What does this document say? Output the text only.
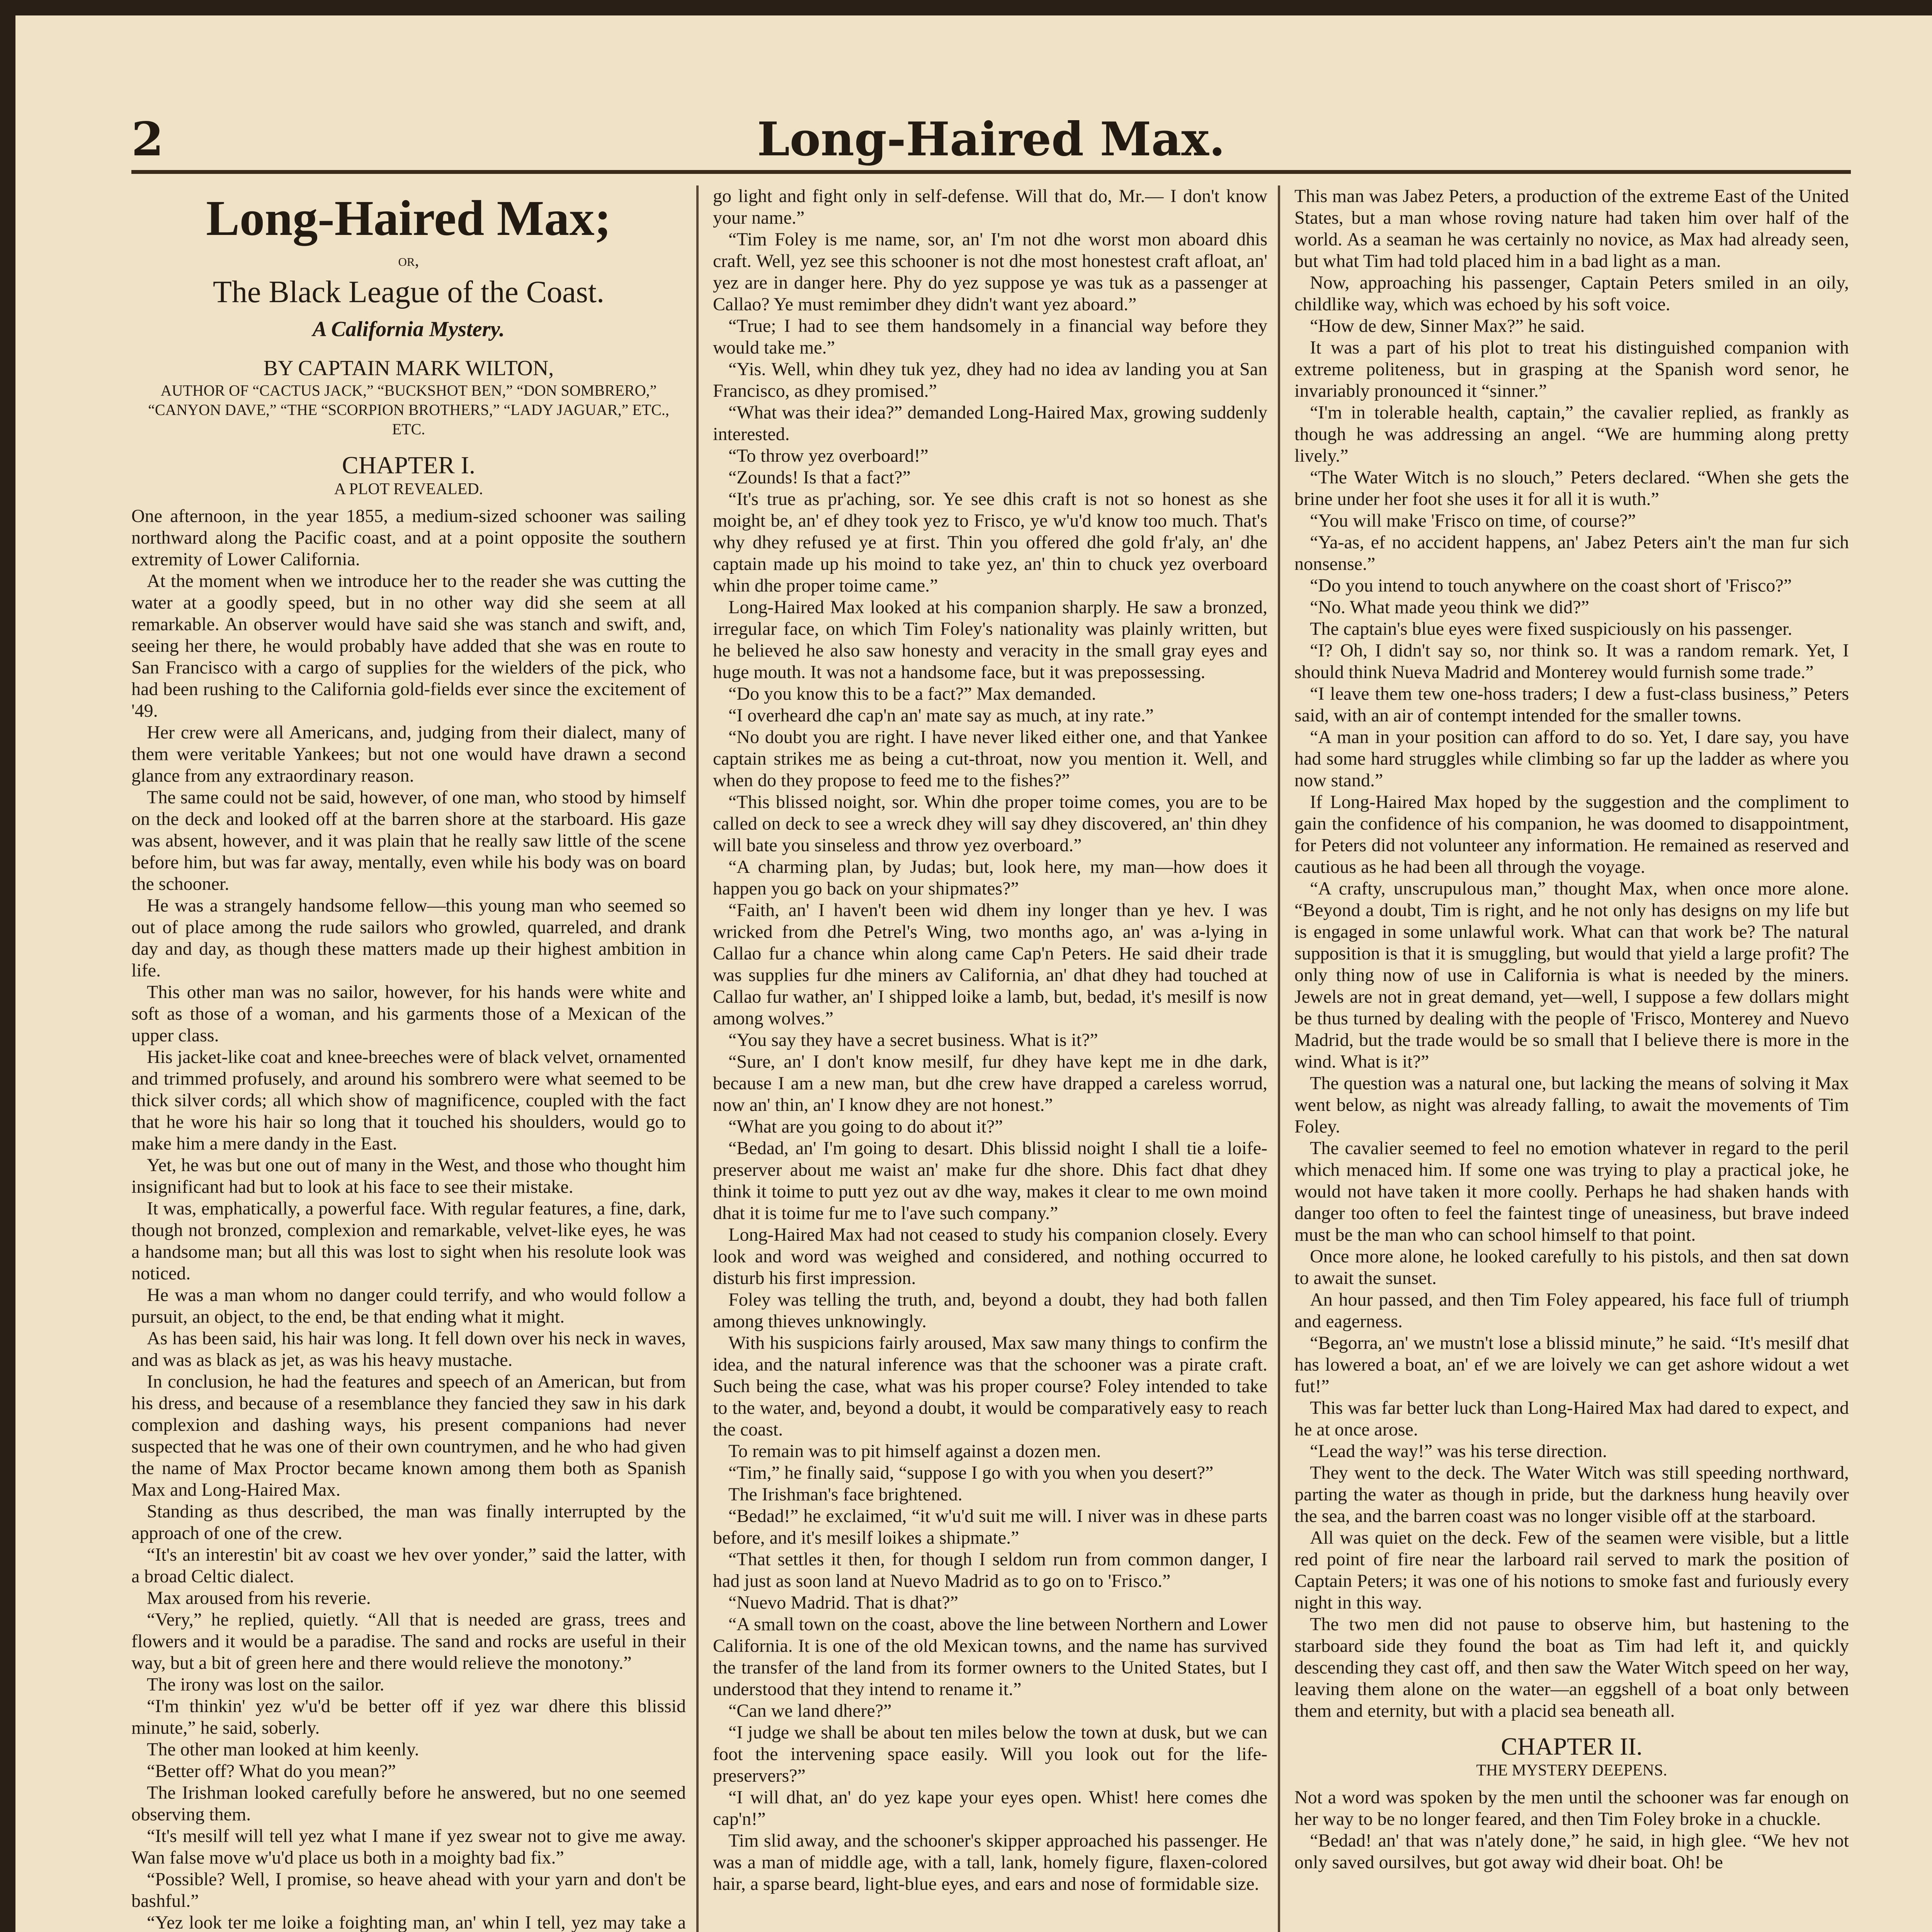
2	Long-Haired Max.
Long-Haired Max;
or,
The Black League of the Coast.
A California Mystery.
BY CAPTAIN MARK WILTON,
AUTHOR OF “CACTUS JACK,” “BUCKSHOT BEN,” “DON SOMBRERO,” “CANYON DAVE,” “THE “SCORPION BROTHERS,” “LADY JAGUAR,” ETC., ETC.
CHAPTER I.
A PLOT REVEALED.

One afternoon, in the year 1855, a medium-sized schooner was sailing northward along the Pacific coast, and at a point opposite the southern extremity of Lower California.

At the moment when we introduce her to the reader she was cutting the water at a goodly speed, but in no other way did she seem at all remarkable. An observer would have said she was stanch and swift, and, seeing her there, he would probably have added that she was en route to San Francisco with a cargo of supplies for the wielders of the pick, who had been rushing to the California gold-fields ever since the excitement of '49.

Her crew were all Americans, and, judging from their dialect, many of them were veritable Yankees; but not one would have drawn a second glance from any extraordinary reason.

The same could not be said, however, of one man, who stood by himself on the deck and looked off at the barren shore at the starboard. His gaze was absent, however, and it was plain that he really saw little of the scene before him, but was far away, mentally, even while his body was on board the schooner.

He was a strangely handsome fellow—this young man who seemed so out of place among the rude sailors who growled, quarreled, and drank day and day, as though these matters made up their highest ambition in life.

This other man was no sailor, however, for his hands were white and soft as those of a woman, and his garments those of a Mexican of the upper class.

His jacket-like coat and knee-breeches were of black velvet, ornamented and trimmed profusely, and around his sombrero were what seemed to be thick silver cords; all which show of magnificence, coupled with the fact that he wore his hair so long that it touched his shoulders, would go to make him a mere dandy in the East.

Yet, he was but one out of many in the West, and those who thought him insignificant had but to look at his face to see their mistake.

It was, emphatically, a powerful face. With regular features, a fine, dark, though not bronzed, complexion and remarkable, velvet-like eyes, he was a handsome man; but all this was lost to sight when his resolute look was noticed.

He was a man whom no danger could terrify, and who would follow a pursuit, an object, to the end, be that ending what it might.

As has been said, his hair was long. It fell down over his neck in waves, and was as black as jet, as was his heavy mustache.

In conclusion, he had the features and speech of an American, but from his dress, and because of a resemblance they fancied they saw in his dark complexion and dashing ways, his present companions had never suspected that he was one of their own countrymen, and he who had given the name of Max Proctor became known among them both as Spanish Max and Long-Haired Max.

Standing as thus described, the man was finally interrupted by the approach of one of the crew.

“It's an interestin' bit av coast we hev over yonder,” said the latter, with a broad Celtic dialect.

Max aroused from his reverie.

“Very,” he replied, quietly. “All that is needed are grass, trees and flowers and it would be a paradise. The sand and rocks are useful in their way, but a bit of green here and there would relieve the monotony.”

The irony was lost on the sailor.

“I'm thinkin' yez w'u'd be better off if yez war dhere this blissid minute,” he said, soberly.

The other man looked at him keenly.

“Better off? What do you mean?”

The Irishman looked carefully before he answered, but no one seemed observing them.

“It's mesilf will tell yez what I mane if yez swear not to give me away. Wan false move w'u'd place us both in a moighty bad fix.”

“Possible? Well, I promise, so heave ahead with your yarn and don't be bashful.”

“Yez look ter me loike a foighting man, an' whin I tell, yez may take a

go light and fight only in self-defense. Will that do, Mr.— I don't know your name.”

“Tim Foley is me name, sor, an' I'm not dhe worst mon aboard dhis craft. Well, yez see this schooner is not dhe most honestest craft afloat, an' yez are in danger here. Phy do yez suppose ye was tuk as a passenger at Callao? Ye must remimber dhey didn't want yez aboard.”

“True; I had to see them handsomely in a financial way before they would take me.”

“Yis. Well, whin dhey tuk yez, dhey had no idea av landing you at San Francisco, as dhey promised.”

“What was their idea?” demanded Long-Haired Max, growing suddenly interested.

“To throw yez overboard!”

“Zounds! Is that a fact?”

“It's true as pr'aching, sor. Ye see dhis craft is not so honest as she moight be, an' ef dhey took yez to Frisco, ye w'u'd know too much. That's why dhey refused ye at first. Thin you offered dhe gold fr'aly, an' dhe captain made up his moind to take yez, an' thin to chuck yez overboard whin dhe proper toime came.”

Long-Haired Max looked at his companion sharply. He saw a bronzed, irregular face, on which Tim Foley's nationality was plainly written, but he believed he also saw honesty and veracity in the small gray eyes and huge mouth. It was not a handsome face, but it was prepossessing.

“Do you know this to be a fact?” Max demanded.

“I overheard dhe cap'n an' mate say as much, at iny rate.”

“No doubt you are right. I have never liked either one, and that Yankee captain strikes me as being a cut-throat, now you mention it. Well, and when do they propose to feed me to the fishes?”

“This blissed noight, sor. Whin dhe proper toime comes, you are to be called on deck to see a wreck dhey will say dhey discovered, an' thin dhey will bate you sinseless and throw yez overboard.”

“A charming plan, by Judas; but, look here, my man—how does it happen you go back on your shipmates?”

“Faith, an' I haven't been wid dhem iny longer than ye hev. I was wricked from dhe Petrel's Wing, two months ago, an' was a-lying in Callao fur a chance whin along came Cap'n Peters. He said dheir trade was supplies fur dhe miners av California, an' dhat dhey had touched at Callao fur wather, an' I shipped loike a lamb, but, bedad, it's mesilf is now among wolves.”

“You say they have a secret business. What is it?”

“Sure, an' I don't know mesilf, fur dhey have kept me in dhe dark, because I am a new man, but dhe crew have drapped a careless worrud, now an' thin, an' I know dhey are not honest.”

“What are you going to do about it?”

“Bedad, an' I'm going to desart. Dhis blissid noight I shall tie a loife-preserver about me waist an' make fur dhe shore. Dhis fact dhat dhey think it toime to putt yez out av dhe way, makes it clear to me own moind dhat it is toime fur me to l'ave such company.”

Long-Haired Max had not ceased to study his companion closely. Every look and word was weighed and considered, and nothing occurred to disturb his first impression.

Foley was telling the truth, and, beyond a doubt, they had both fallen among thieves unknowingly.

With his suspicions fairly aroused, Max saw many things to confirm the idea, and the natural inference was that the schooner was a pirate craft. Such being the case, what was his proper course? Foley intended to take to the water, and, beyond a doubt, it would be comparatively easy to reach the coast.

To remain was to pit himself against a dozen men.

“Tim,” he finally said, “suppose I go with you when you desert?”

The Irishman's face brightened.

“Bedad!” he exclaimed, “it w'u'd suit me will. I niver was in dhese parts before, and it's mesilf loikes a shipmate.”

“That settles it then, for though I seldom run from common danger, I had just as soon land at Nuevo Madrid as to go on to 'Frisco.”

“Nuevo Madrid. That is dhat?”

“A small town on the coast, above the line between Northern and Lower California. It is one of the old Mexican towns, and the name has survived the transfer of the land from its former owners to the United States, but I understood that they intend to rename it.”

“Can we land dhere?”

“I judge we shall be about ten miles below the town at dusk, but we can foot the intervening space easily. Will you look out for the life-preservers?”

“I will dhat, an' do yez kape your eyes open. Whist! here comes dhe cap'n!”

Tim slid away, and the schooner's skipper approached his passenger. He was a man of middle age, with a tall, lank, homely figure, flaxen-colored hair, a sparse beard, light-blue eyes, and ears and nose of formidable size.

This man was Jabez Peters, a production of the extreme East of the United States, but a man whose roving nature had taken him over half of the world. As a seaman he was certainly no novice, as Max had already seen, but what Tim had told placed him in a bad light as a man.

Now, approaching his passenger, Captain Peters smiled in an oily, childlike way, which was echoed by his soft voice.

“How de dew, Sinner Max?” he said.

It was a part of his plot to treat his distinguished companion with extreme politeness, but in grasping at the Spanish word senor, he invariably pronounced it “sinner.”

“I'm in tolerable health, captain,” the cavalier replied, as frankly as though he was addressing an angel. “We are humming along pretty lively.”

“The Water Witch is no slouch,” Peters declared. “When she gets the brine under her foot she uses it for all it is wuth.”

“You will make 'Frisco on time, of course?”

“Ya-as, ef no accident happens, an' Jabez Peters ain't the man fur sich nonsense.”

“Do you intend to touch anywhere on the coast short of 'Frisco?”

“No. What made yeou think we did?”

The captain's blue eyes were fixed suspiciously on his passenger.

“I? Oh, I didn't say so, nor think so. It was a random remark. Yet, I should think Nueva Madrid and Monterey would furnish some trade.”

“I leave them tew one-hoss traders; I dew a fust-class business,” Peters said, with an air of contempt intended for the smaller towns.

“A man in your position can afford to do so. Yet, I dare say, you have had some hard struggles while climbing so far up the ladder as where you now stand.”

If Long-Haired Max hoped by the suggestion and the compliment to gain the confidence of his companion, he was doomed to disappointment, for Peters did not volunteer any information. He remained as reserved and cautious as he had been all through the voyage.

“A crafty, unscrupulous man,” thought Max, when once more alone. “Beyond a doubt, Tim is right, and he not only has designs on my life but is engaged in some unlawful work. What can that work be? The natural supposition is that it is smuggling, but would that yield a large profit? The only thing now of use in California is what is needed by the miners. Jewels are not in great demand, yet—well, I suppose a few dollars might be thus turned by dealing with the people of 'Frisco, Monterey and Nuevo Madrid, but the trade would be so small that I believe there is more in the wind. What is it?”

The question was a natural one, but lacking the means of solving it Max went below, as night was already falling, to await the movements of Tim Foley.

The cavalier seemed to feel no emotion whatever in regard to the peril which menaced him. If some one was trying to play a practical joke, he would not have taken it more coolly. Perhaps he had shaken hands with danger too often to feel the faintest tinge of uneasiness, but brave indeed must be the man who can school himself to that point.

Once more alone, he looked carefully to his pistols, and then sat down to await the sunset.

An hour passed, and then Tim Foley appeared, his face full of triumph and eagerness.

“Begorra, an' we mustn't lose a blissid minute,” he said. “It's mesilf dhat has lowered a boat, an' ef we are loively we can get ashore widout a wet fut!”

This was far better luck than Long-Haired Max had dared to expect, and he at once arose.

“Lead the way!” was his terse direction.

They went to the deck. The Water Witch was still speeding northward, parting the water as though in pride, but the darkness hung heavily over the sea, and the barren coast was no longer visible off at the starboard.

All was quiet on the deck. Few of the seamen were visible, but a little red point of fire near the larboard rail served to mark the position of Captain Peters; it was one of his notions to smoke fast and furiously every night in this way.

The two men did not pause to observe him, but hastening to the starboard side they found the boat as Tim had left it, and quickly descending they cast off, and then saw the Water Witch speed on her way, leaving them alone on the water—an eggshell of a boat only between them and eternity, but with a placid sea beneath all.

CHAPTER II.
THE MYSTERY DEEPENS.

Not a word was spoken by the men until the schooner was far enough on her way to be no longer feared, and then Tim Foley broke in a chuckle.

“Bedad! an' that was n'ately done,” he said, in high glee. “We hev not only saved oursilves, but got away wid dheir boat. Oh! be
